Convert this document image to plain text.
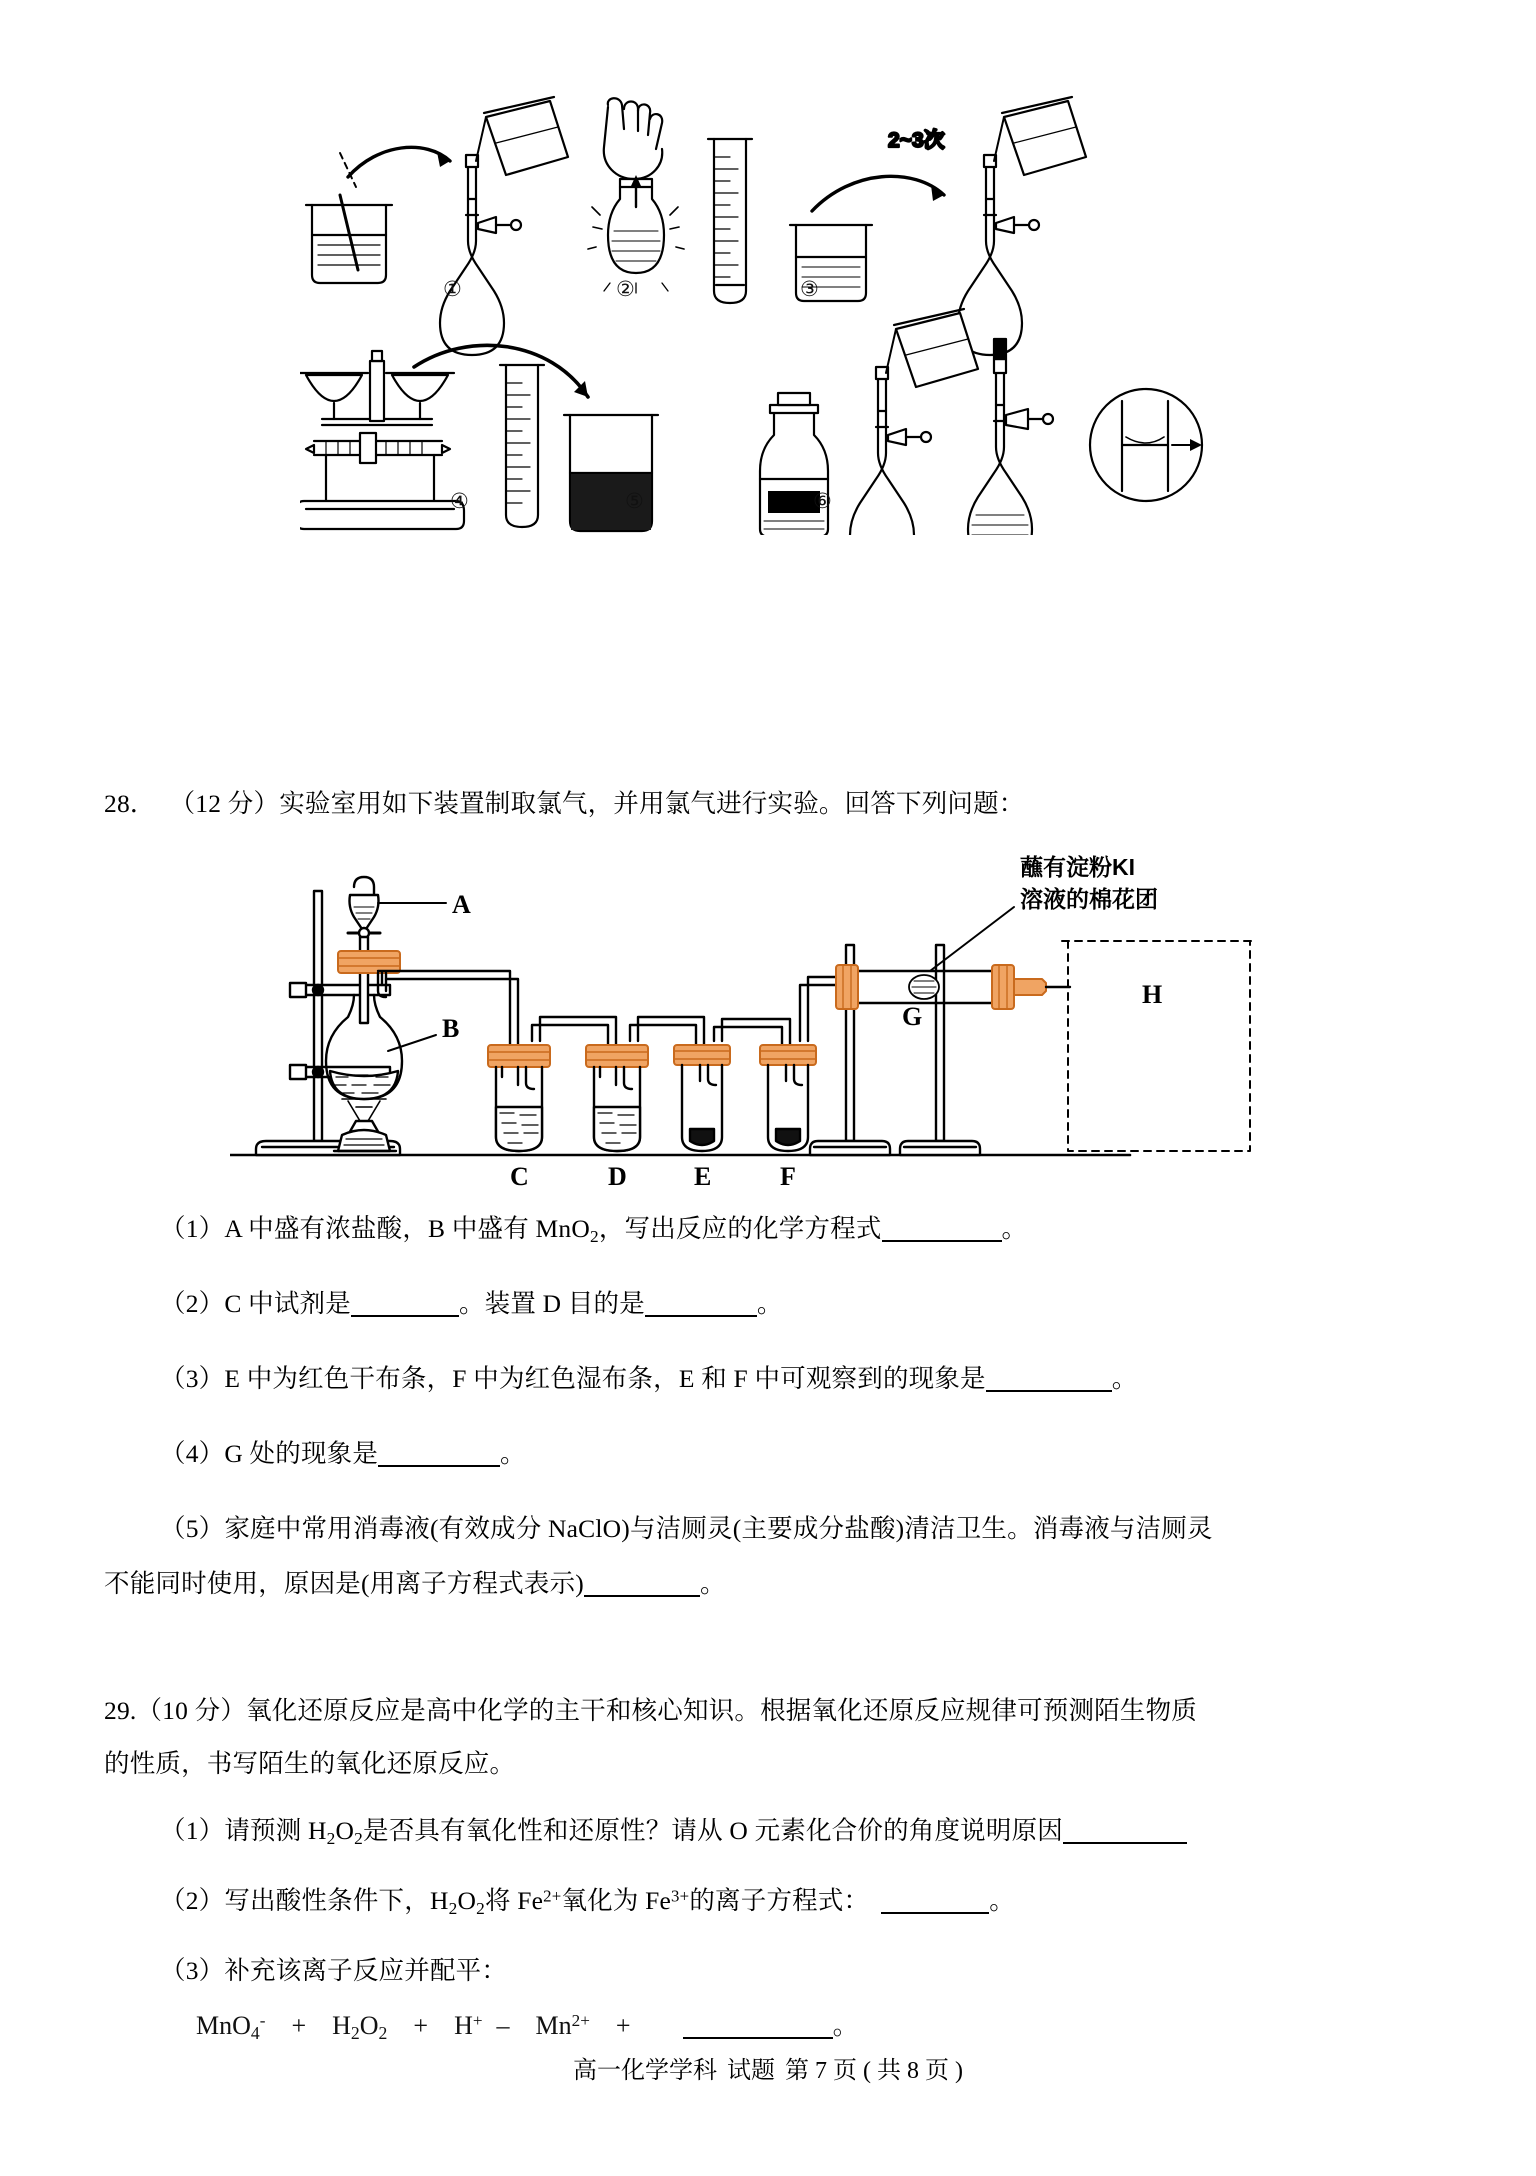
2~3次
①	②	③
④	⑤	⑥
28． （12 分）实验室用如下装置制取氯气，并用氯气进行实验。回答下列问题：
A
B
C	D	E	F
G
H
蘸有淀粉KI
溶液的棉花团
（1）A 中盛有浓盐酸，B 中盛有 MnO$_2$，写出反应的化学方程式	。
（2）C 中试剂是	。装置 D 目的是	。
（3）E 中为红色干布条，F 中为红色湿布条，E 和 F 中可观察到的现象是	。
（4）G 处的现象是	。
（5）家庭中常用消毒液(有效成分 NaClO)与洁厕灵(主要成分盐酸)清洁卫生。消毒液与洁厕灵
不能同时使用，原因是(用离子方程式表示)	。
29.（10 分）氧化还原反应是高中化学的主干和核心知识。根据氧化还原反应规律可预测陌生物质
的性质，书写陌生的氧化还原反应。
（1）请预测 $H_2O_2$是否具有氧化性和还原性？请从 O 元素化合价的角度说明原因
（2）写出酸性条件下，$H_2O_2$将 $Fe^{2+}$氧化为 $Fe^{3+}$的离子方程式：	。
（3）补充该离子反应并配平：
$MnO_4^- + H_2O_2 + H^+ - Mn^{2+}$ +	。
高一化学学科 试题 第 7 页 ( 共 8 页 )
